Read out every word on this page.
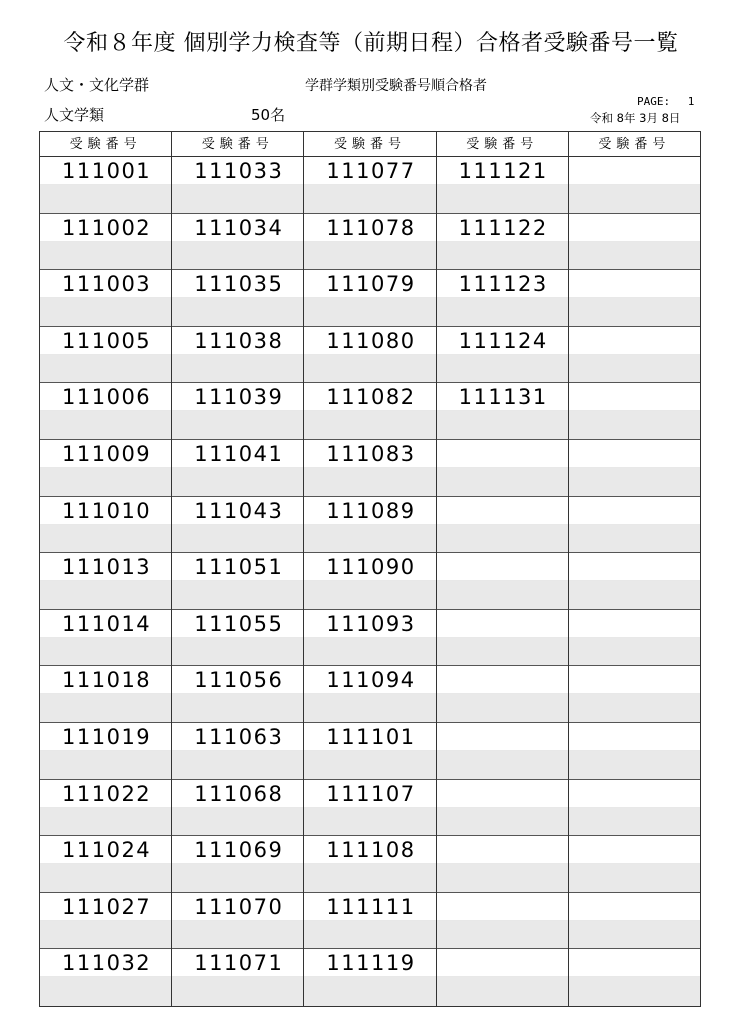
令和８年度 個別学力検査等（前期日程）合格者受験番号一覧
人文・文化学群	学群学類別受験番号順合格者
人文学類	50名
PAGE:　 1
令和 8年 3月 8日
受験番号
111001
111002
111003
111005
111006
111009
111010
111013
111014
111018
111019
111022
111024
111027
111032
受験番号
111033
111034
111035
111038
111039
111041
111043
111051
111055
111056
111063
111068
111069
111070
111071
受験番号
111077
111078
111079
111080
111082
111083
111089
111090
111093
111094
111101
111107
111108
111111
111119
受験番号
111121
111122
111123
111124
111131
受験番号
